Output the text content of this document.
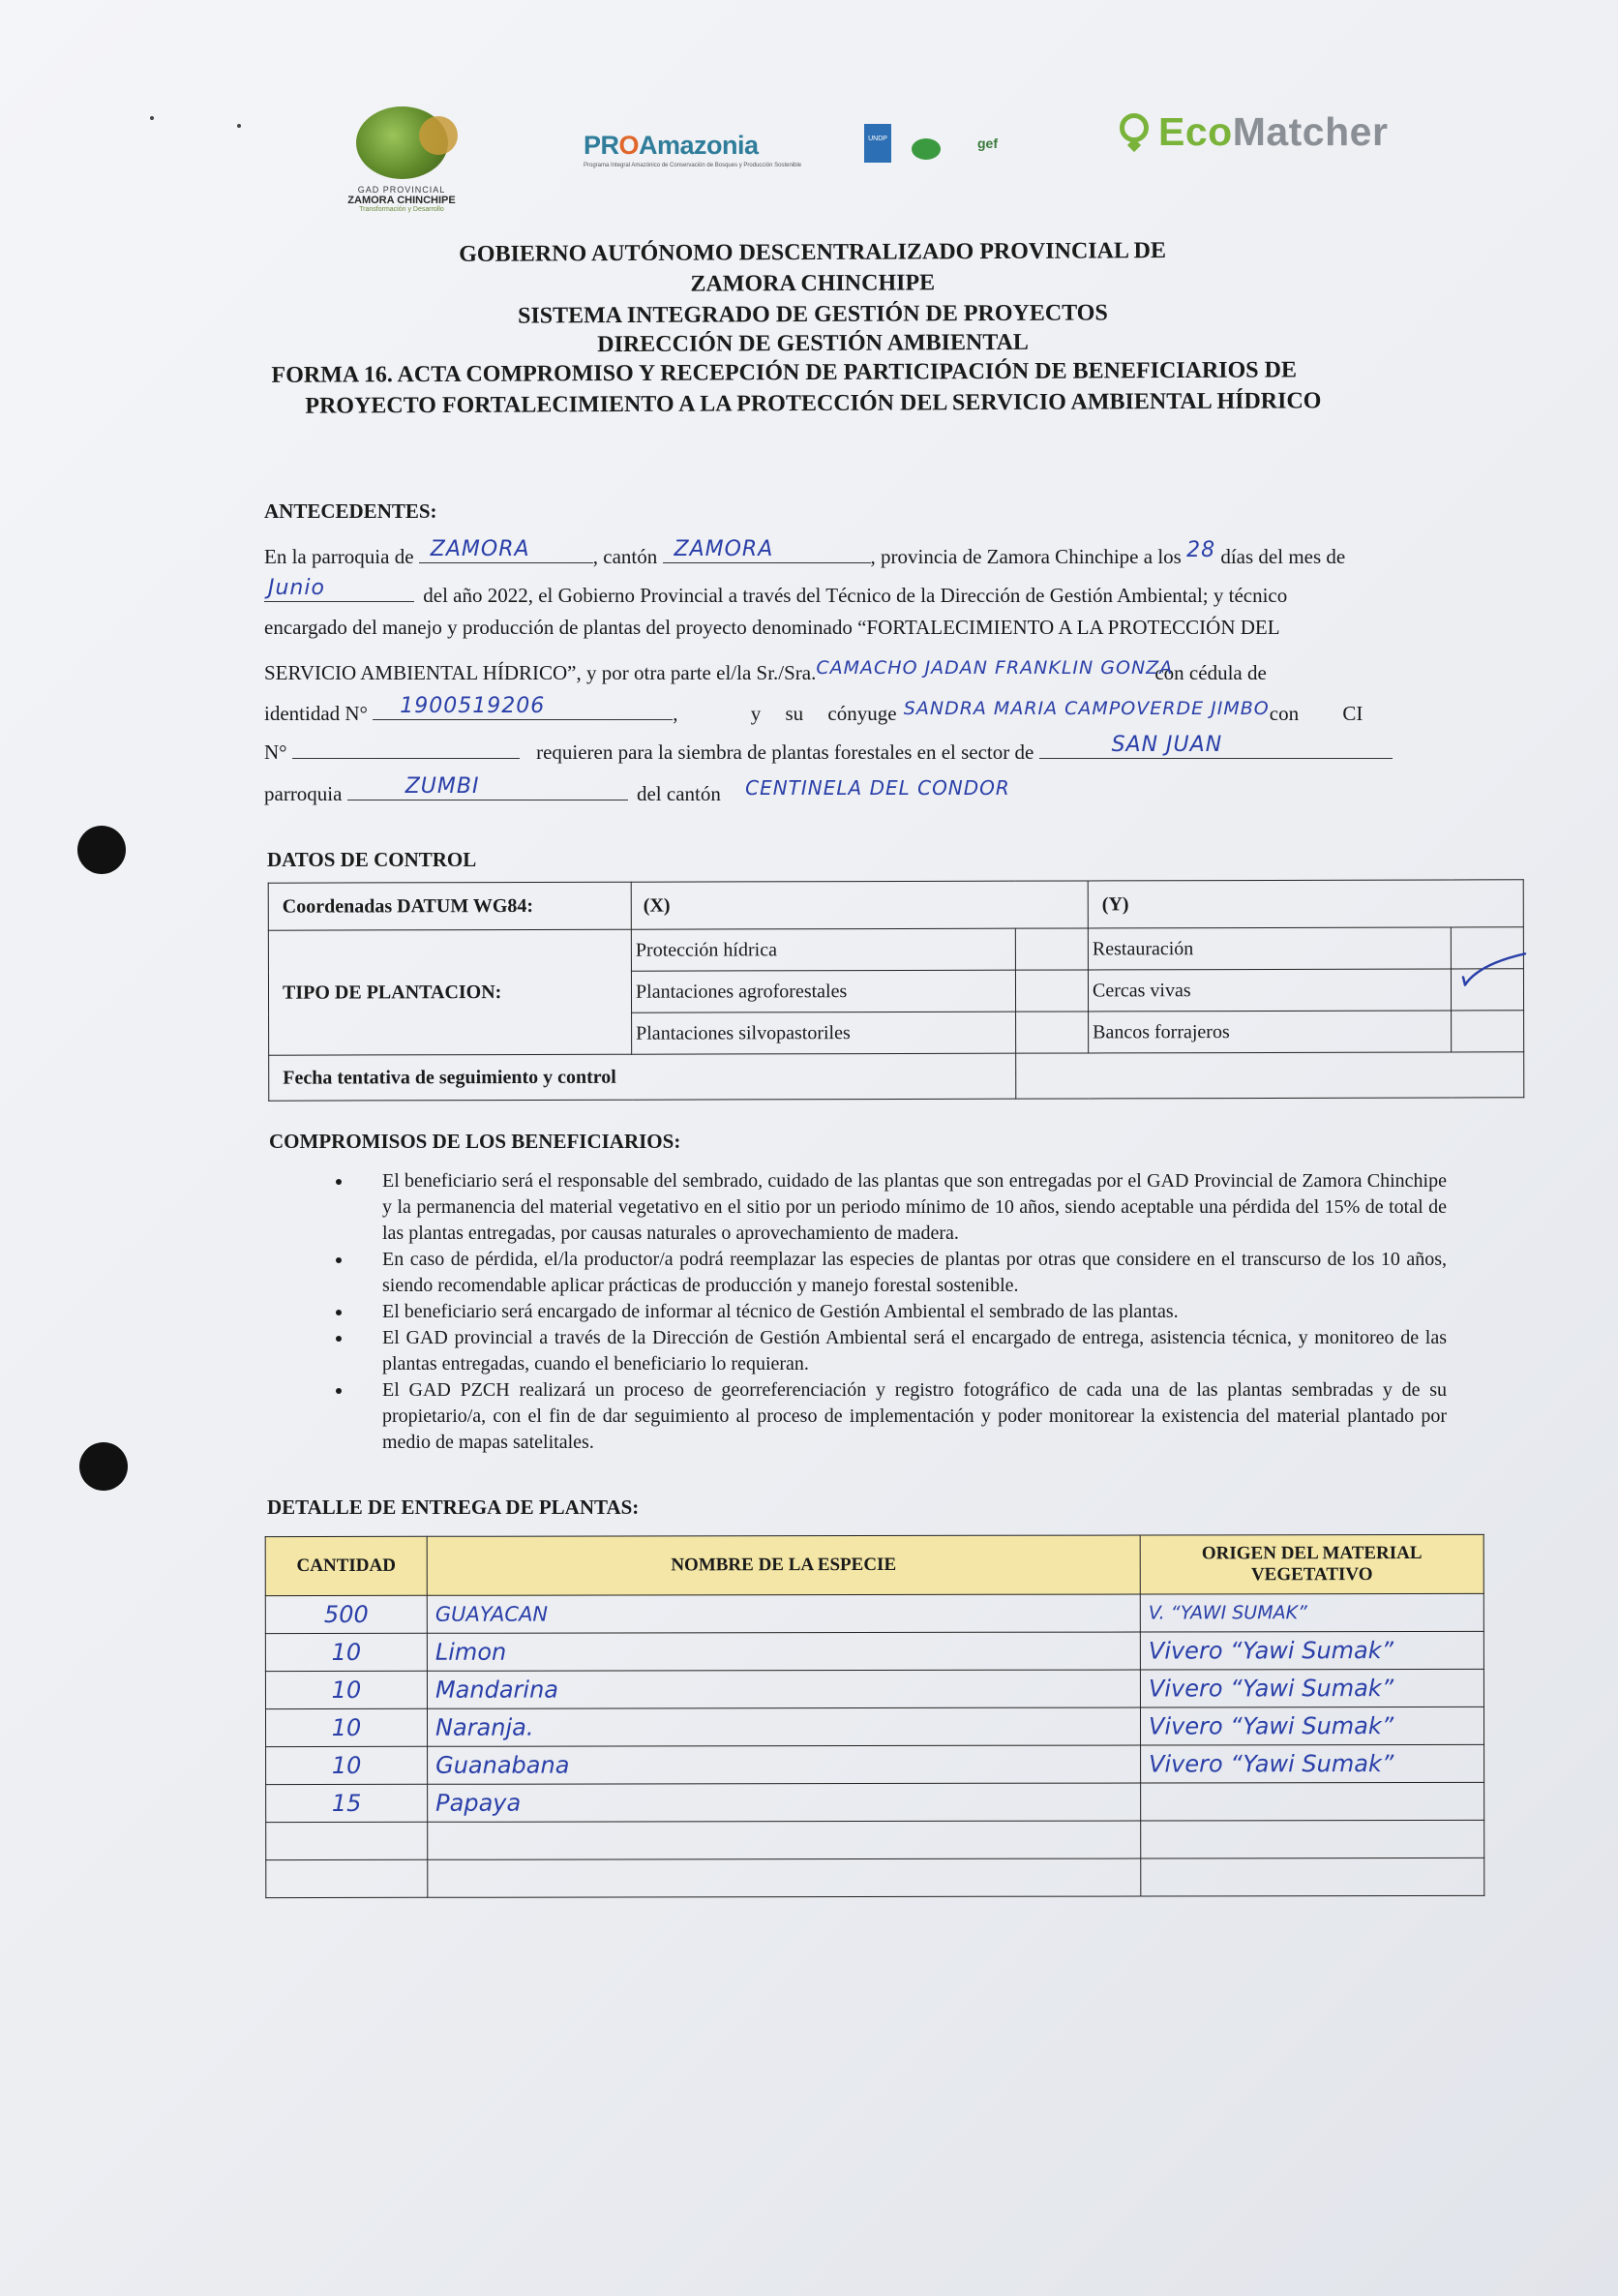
GAD PROVINCIAL
ZAMORA CHINCHIPE
Transformación y Desarrollo
PROAmazonia
Programa Integral Amazónico de Conservación de Bosques y Producción Sostenible
UNDP	gef	EcoMatcher
GOBIERNO AUTÓNOMO DESCENTRALIZADO PROVINCIAL DE
ZAMORA CHINCHIPE
SISTEMA INTEGRADO DE GESTIÓN DE PROYECTOS
DIRECCIÓN DE GESTIÓN AMBIENTAL
FORMA 16. ACTA COMPROMISO Y RECEPCIÓN DE PARTICIPACIÓN DE BENEFICIARIOS DE
PROYECTO FORTALECIMIENTO A LA PROTECCIÓN DEL SERVICIO AMBIENTAL HÍDRICO
ANTECEDENTES:
En la parroquia de ZAMORA	, cantón ZAMORA	, provincia de Zamora Chinchipe a los 28 días del mes de
Junio	del año 2022, el Gobierno Provincial a través del Técnico de la Dirección de Gestión Ambiental; y técnico
encargado del manejo y producción de plantas del proyecto denominado “FORTALECIMIENTO A LA PROTECCIÓN DEL
SERVICIO AMBIENTAL HÍDRICO”, y por otra parte el/la Sr./Sra. CAMACHO JADAN FRANKLIN GONZA
con cédula de
identidad N° 1900519206	,	y su cónyuge SANDRA MARIA CAMPOVERDE JIMBO con CI
N°	requieren para la siembra de plantas forestales en el sector de	SAN JUAN
parroquia	ZUMBI	del cantón CENTINELA DEL CONDOR
DATOS DE CONTROL
Coordenadas DATUM WG84:	(X)		(Y)	
TIPO DE PLANTACION:	Protección hídrica		Restauración	
	Plantaciones agroforestales		Cercas vivas	

	Plantaciones silvopastoriles		Bancos forrajeros	
Fecha tentativa de seguimiento y control				
COMPROMISOS DE LOS BENEFICIARIOS:
• El beneficiario será el responsable del sembrado, cuidado de las plantas que son entregadas por el GAD Provincial de Zamora Chinchipe y la permanencia del material vegetativo en el sitio por un periodo mínimo de 10 años, siendo aceptable una pérdida del 15% de total de las plantas entregadas, por causas naturales o aprovechamiento de madera.
• En caso de pérdida, el/la productor/a podrá reemplazar las especies de plantas por otras que considere en el transcurso de los 10 años, siendo recomendable aplicar prácticas de producción y manejo forestal sostenible.
• El beneficiario será encargado de informar al técnico de Gestión Ambiental el sembrado de las plantas.
• El GAD provincial a través de la Dirección de Gestión Ambiental será el encargado de entrega, asistencia técnica, y monitoreo de las plantas entregadas, cuando el beneficiario lo requieran.
• El GAD PZCH realizará un proceso de georreferenciación y registro fotográfico de cada una de las plantas sembradas y de su propietario/a, con el fin de dar seguimiento al proceso de implementación y poder monitorear la existencia del material plantado por medio de mapas satelitales.
DETALLE DE ENTREGA DE PLANTAS:
CANTIDAD	NOMBRE DE LA ESPECIE	ORIGEN DEL MATERIAL VEGETATIVO
500	GUAYACAN	V. “YAWI SUMAK”
10	Limon	Vivero “Yawi Sumak”
10	Mandarina	Vivero “Yawi Sumak”
10	Naranja.	Vivero “Yawi Sumak”
10	Guanabana	Vivero “Yawi Sumak”
15	Papaya	
